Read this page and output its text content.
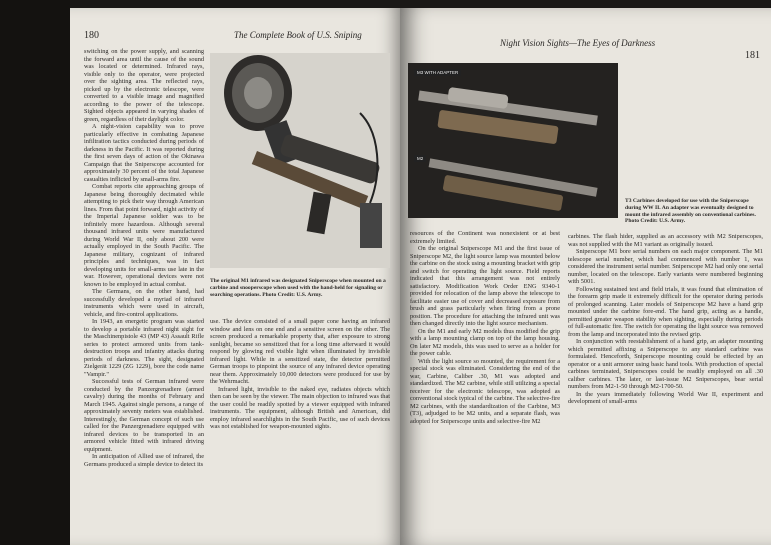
180	The Complete Book of U.S. Sniping

switching on the power supply, and scanning the forward area until the cause of the sound was located or determined. Infrared rays, visible only to the operator, were projected over the sighting area. The reflected rays, picked up by the electronic telescope, were converted to a visible image and magnified according to the power of the telescope. Sighted objects appeared in varying shades of green, regardless of their daylight color.

A night-vision capability was to prove particularly effective in combating Japanese infiltration tactics conducted during periods of darkness in the Pacific. It was reported during the first seven days of action of the Okinawa Campaign that the Sniperscope accounted for approximately 30 percent of the total Japanese casualties inflicted by small-arms fire.

Combat reports cite approaching groups of Japanese being thoroughly decimated while attempting to pick their way through American lines. From that point forward, night activity of the Imperial Japanese soldier was to be infinitely more hazardous. Although several thousand infrared units were manufactured during World War II, only about 200 were actually employed in the South Pacific. The Japanese military, cognizant of infrared principles and techniques, was in fact developing units for small-arms use late in the war. However, operational devices were not known to be employed in actual combat.

The Germans, on the other hand, had successfully developed a myriad of infrared instruments which were used in aircraft, vehicle, and fire-control applications.

In 1943, an energetic program was started to develop a portable infrared night sight for the Maschinenpistole 43 (MP 43) Assault Rifle series to protect armored units from tank-destruction troops and infantry attacks during periods of darkness. The sight, designated Zielgerät 1229 (ZG 1229), bore the code name "Vampir."

Successful tests of German infrared were conducted by the Panzergrenadiere (armed cavalry) during the months of February and March 1945. Against single persons, a range of approximately seventy meters was established. Interestingly, the German concept of such use called for the Panzergrenadiere equipped with infrared devices to be transported in an armored vehicle fitted with infrared driving equipment.

In anticipation of Allied use of infrared, the Germans produced a simple device to detect its

The original M1 infrared was designated Sniperscope when mounted on a carbine and snooperscope when used with the hand-held for signaling or searching operations. Photo Credit: U.S. Army.

use. The device consisted of a small paper cone having an infrared window and lens on one end and a sensitive screen on the other. The screen produced a remarkable property that, after exposure to strong sunlight, became so sensitized that for a long time afterward it would respond by glowing red visible light when illuminated by invisible infrared light. While in a sensitized state, the detector permitted German troops to pinpoint the source of any infrared device operating near them. Approximately 10,000 detectors were produced for use by the Wehrmacht.

Infrared light, invisible to the naked eye, radiates objects which then can be seen by the viewer. The main objection to infrared was that the user could be readily spotted by a viewer equipped with infrared instruments. The equipment, although British and American, did employ infrared searchlights in the South Pacific, use of such devices was not established for weapon-mounted sights.

Night Vision Sights—The Eyes of Darkness
181
M3 WITH ADAPTER
M2
T3 Carbines developed for use with the Sniperscope during WW II. An adapter was eventually designed to mount the infrared assembly on conventional carbines. Photo Credit: U.S. Army.

resources of the Continent was nonexistent or at best extremely limited.

On the original Sniperscope M1 and the first issue of Sniperscope M2, the light source lamp was mounted below the carbine on the stock using a mounting bracket with grip and switch for operating the light source. Field reports indicated that this arrangement was not entirely satisfactory. Modification Work Order ENG 9340-1 provided for relocation of the lamp above the telescope to facilitate easier use of cover and decreased exposure from brush and grass particularly when firing from a prone position. The procedure for attaching the infrared unit was then changed directly into the light source mechanism.

On the M1 and early M2 models thus modified the grip with a lamp mounting clamp on top of the lamp housing. On later M2 models, this was used to serve as a holder for the power cable.

With the light source so mounted, the requirement for a special stock was eliminated. Considering the end of the war, Carbine, Caliber .30, M1 was adopted and standardized. The M2 carbine, while still utilizing a special receiver for the electronic telescope, was adopted as conventional stock typical of the carbine. The selective-fire M2 carbines, with the standardization of the Carbine, M3 (T3), adjudged to be M2 units, and a separate flash, was adopted for Sniperscope units and selective-fire M2

carbines. The flash hider, supplied as an accessory with M2 Sniperscopes, was not supplied with the M1 variant as originally issued.

Sniperscope M1 bore serial numbers on each major component. The M1 telescope serial number, which had commenced with number 1, was considered the instrument serial number. Sniperscope M2 had only one serial number, located on the telescope. Early variants were numbered beginning with 5001.

Following sustained test and field trials, it was found that elimination of the forearm grip made it extremely difficult for the operator during periods of prolonged scanning. Later models of Sniperscope M2 have a hand grip mounted under the carbine fore-end. The hand grip, acting as a handle, permitted greater weapon stability when sighting, especially during periods of full-automatic fire. The switch for operating the light source was removed from the lamp and incorporated into the revised grip.

In conjunction with reestablishment of a hand grip, an adapter mounting which permitted affixing a Sniperscope to any standard carbine was formulated. Henceforth, Sniperscope mounting could be effected by an operator or a unit armorer using basic hand tools. With production of special carbines terminated, Sniperscopes could be readily employed on all .30 caliber carbines. The later, or last-issue M2 Sniperscopes, bear serial numbers from M2-1-50 through M2-1700-50.

In the years immediately following World War II, experiment and development of small-arms
